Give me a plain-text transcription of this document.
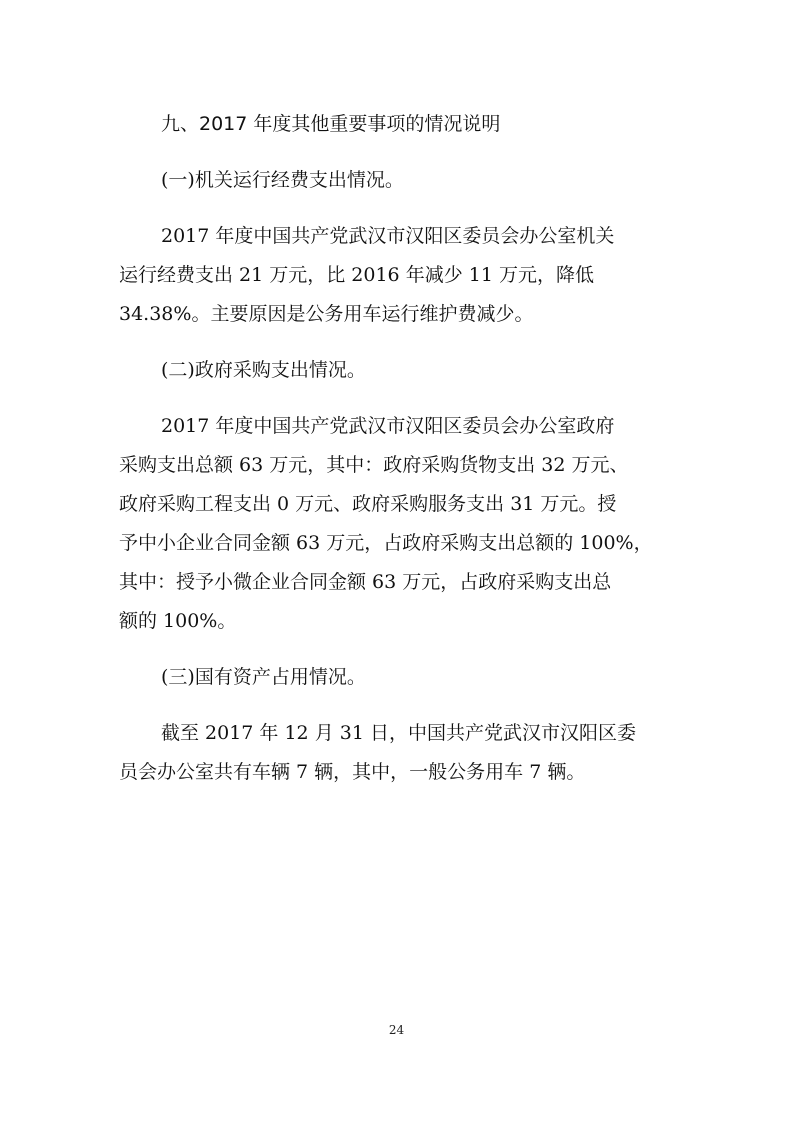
九、2017 年度其他重要事项的情况说明
(一)机关运行经费支出情况。
2017 年度中国共产党武汉市汉阳区委员会办公室机关
运行经费支出 21 万元，比 2016 年减少 11 万元，降低
34.38%。主要原因是公务用车运行维护费减少。
(二)政府采购支出情况。
2017 年度中国共产党武汉市汉阳区委员会办公室政府
采购支出总额 63 万元，其中：政府采购货物支出 32 万元、
政府采购工程支出 0 万元、政府采购服务支出 31 万元。授
予中小企业合同金额 63 万元，占政府采购支出总额的 100%，
其中：授予小微企业合同金额 63 万元，占政府采购支出总
额的 100%。
(三)国有资产占用情况。
截至 2017 年 12 月 31 日，中国共产党武汉市汉阳区委
员会办公室共有车辆 7 辆，其中，一般公务用车 7 辆。
24
